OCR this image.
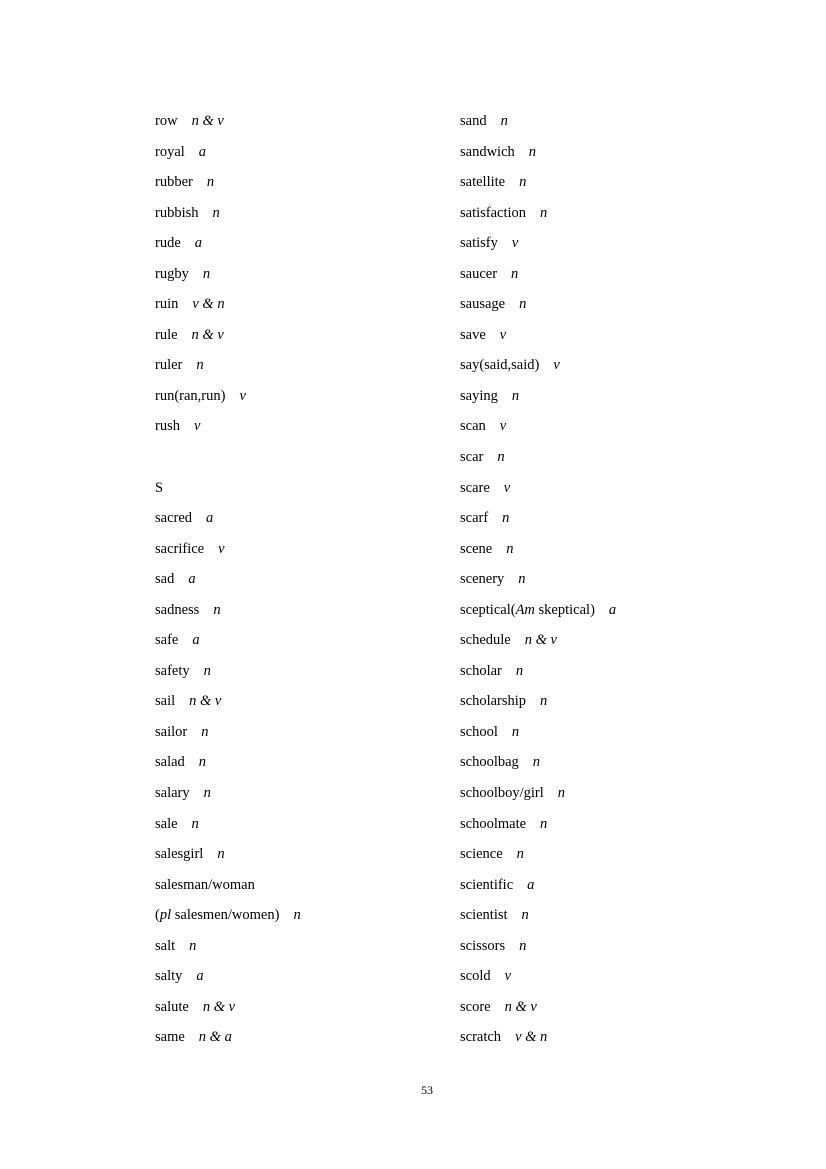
row n & v
royal a
rubber n
rubbish n
rude a
rugby n
ruin v & n
rule n & v
ruler n
run(ran,run) v
rush v
S
sacred a
sacrifice v
sad a
sadness n
safe a
safety n
sail n & v
sailor n
salad n
salary n
sale n
salesgirl n
salesman/woman
(pl salesmen/women) n
salt n
salty a
salute n & v
same n & a
sand n
sandwich n
satellite n
satisfaction n
satisfy v
saucer n
sausage n
save v
say(said,said) v
saying n
scan v
scar n
scare v
scarf n
scene n
scenery n
sceptical(Am skeptical) a
schedule n & v
scholar n
scholarship n
school n
schoolbag n
schoolboy/girl n
schoolmate n
science n
scientific a
scientist n
scissors n
scold v
score n & v
scratch v & n
53
